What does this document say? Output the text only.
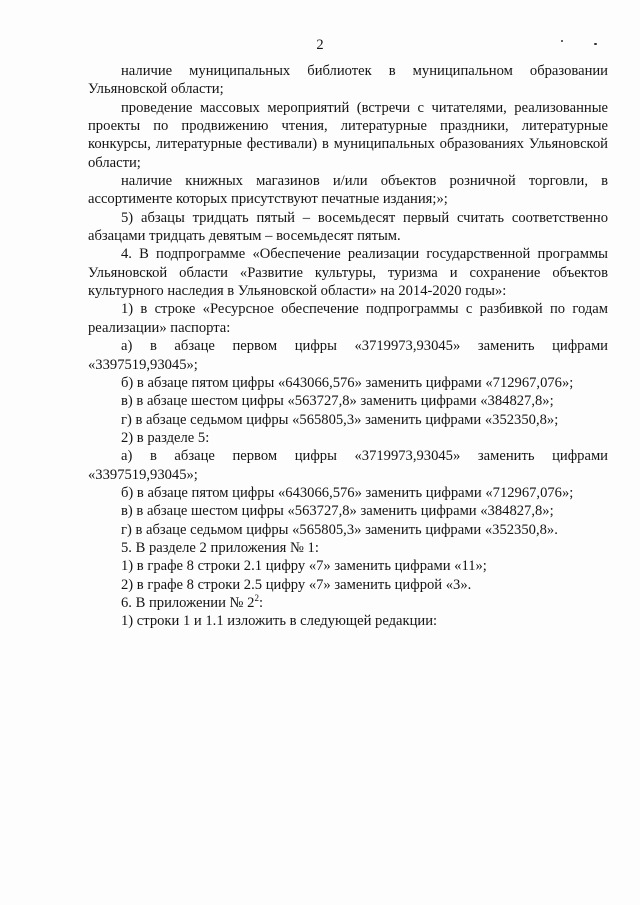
2

наличие муниципальных библиотек в муниципальном образовании Ульяновской области;

проведение массовых мероприятий (встречи с читателями, реализованные проекты по продвижению чтения, литературные праздники, литературные конкурсы, литературные фестивали) в муниципальных образованиях Ульяновской области;

наличие книжных магазинов и/или объектов розничной торговли, в ассортименте которых присутствуют печатные издания;»;

5) абзацы тридцать пятый – восемьдесят первый считать соответственно абзацами тридцать девятым – восемьдесят пятым.

4. В подпрограмме «Обеспечение реализации государственной программы Ульяновской области «Развитие культуры, туризма и сохранение объектов культурного наследия в Ульяновской области» на 2014-2020 годы»:

1) в строке «Ресурсное обеспечение подпрограммы с разбивкой по годам реализации» паспорта:

а) в абзаце первом цифры «3719973,93045» заменить цифрами «3397519,93045»;

б) в абзаце пятом цифры «643066,576» заменить цифрами «712967,076»;

в) в абзаце шестом цифры «563727,8» заменить цифрами «384827,8»;

г) в абзаце седьмом цифры «565805,3» заменить цифрами «352350,8»;

2) в разделе 5:

а) в абзаце первом цифры «3719973,93045» заменить цифрами «3397519,93045»;

б) в абзаце пятом цифры «643066,576» заменить цифрами «712967,076»;

в) в абзаце шестом цифры «563727,8» заменить цифрами «384827,8»;

г) в абзаце седьмом цифры «565805,3» заменить цифрами «352350,8».

5. В разделе 2 приложения № 1:

1) в графе 8 строки 2.1 цифру «7» заменить цифрами «11»;

2) в графе 8 строки 2.5 цифру «7» заменить цифрой «3».

6. В приложении № $2^2$:

1) строки 1 и 1.1 изложить в следующей редакции:
